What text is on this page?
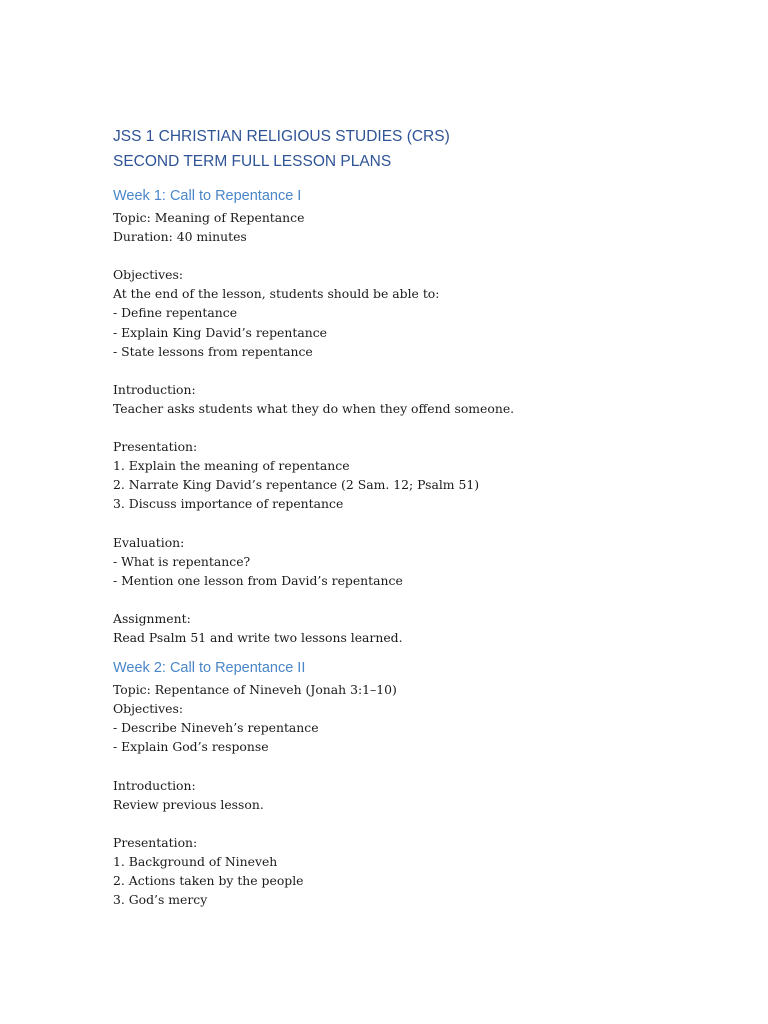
JSS 1 CHRISTIAN RELIGIOUS STUDIES (CRS)
SECOND TERM FULL LESSON PLANS
Week 1: Call to Repentance I
Topic: Meaning of Repentance
Duration: 40 minutes
Objectives:
At the end of the lesson, students should be able to:
- Define repentance
- Explain King David’s repentance
- State lessons from repentance
Introduction:
Teacher asks students what they do when they offend someone.
Presentation:
1. Explain the meaning of repentance
2. Narrate King David’s repentance (2 Sam. 12; Psalm 51)
3. Discuss importance of repentance
Evaluation:
- What is repentance?
- Mention one lesson from David’s repentance
Assignment:
Read Psalm 51 and write two lessons learned.
Week 2: Call to Repentance II
Topic: Repentance of Nineveh (Jonah 3:1–10)
Objectives:
- Describe Nineveh’s repentance
- Explain God’s response
Introduction:
Review previous lesson.
Presentation:
1. Background of Nineveh
2. Actions taken by the people
3. God’s mercy
